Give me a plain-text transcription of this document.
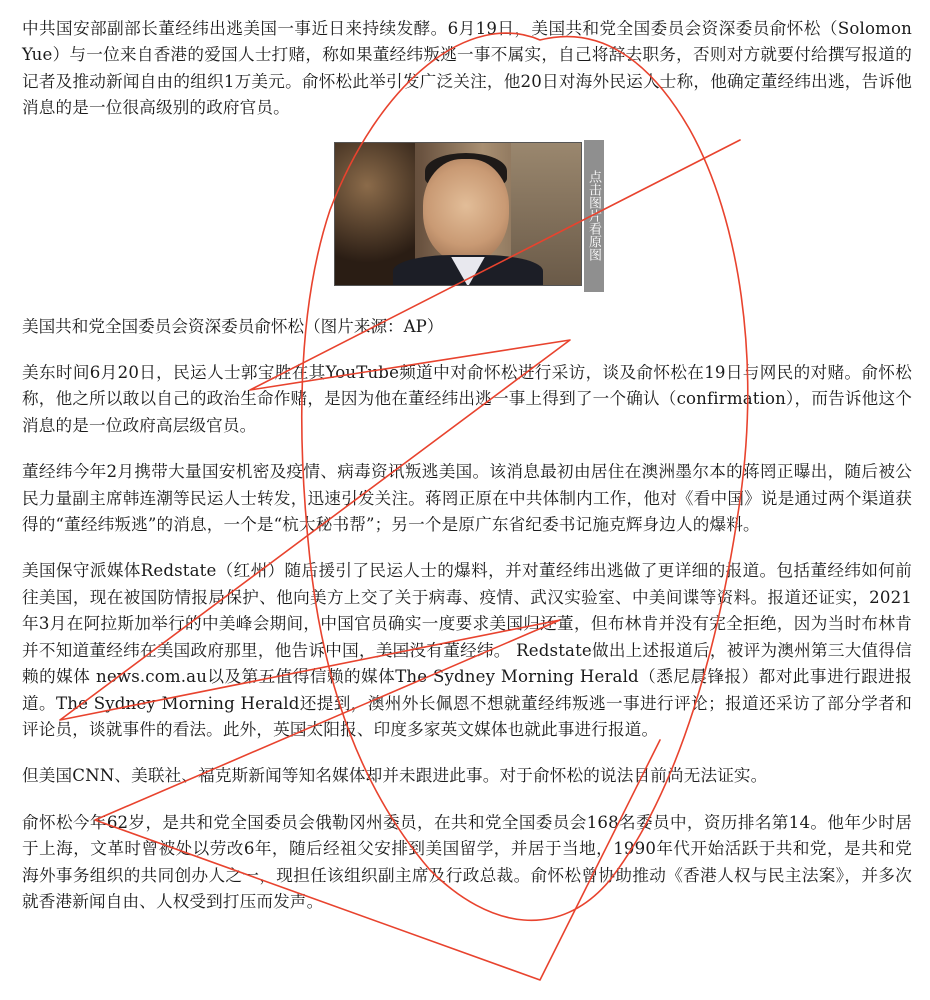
中共国安部副部长董经纬出逃美国一事近日来持续发酵。6月19日，美国共和党全国委员会资深委员俞怀松（Solomon Yue）与一位来自香港的爱国人士打赌，称如果董经纬叛逃一事不属实，自己将辞去职务，否则对方就要付给撰写报道的记者及推动新闻自由的组织1万美元。俞怀松此举引发广泛关注，他20日对海外民运人士称，他确定董经纬出逃，告诉他消息的是一位很高级别的政府官员。

点击图片看原图

美国共和党全国委员会资深委员俞怀松（图片来源：AP）

美东时间6月20日，民运人士郭宝胜在其YouTube频道中对俞怀松进行采访，谈及俞怀松在19日与网民的对赌。俞怀松称，他之所以敢以自己的政治生命作赌，是因为他在董经纬出逃一事上得到了一个确认（confirmation），而告诉他这个消息的是一位政府高层级官员。

董经纬今年2月携带大量国安机密及疫情、病毒资讯叛逃美国。该消息最初由居住在澳洲墨尔本的蒋罔正曝出，随后被公民力量副主席韩连潮等民运人士转发，迅速引发关注。蒋罔正原在中共体制内工作，他对《看中国》说是通过两个渠道获得的“董经纬叛逃”的消息，一个是“杭大秘书帮”；另一个是原广东省纪委书记施克辉身边人的爆料。

美国保守派媒体Redstate（红州）随后援引了民运人士的爆料，并对董经纬出逃做了更详细的报道。包括董经纬如何前往美国，现在被国防情报局保护、他向美方上交了关于病毒、疫情、武汉实验室、中美间谍等资料。报道还证实，2021年3月在阿拉斯加举行的中美峰会期间，中国官员确实一度要求美国归还董，但布林肯并没有完全拒绝，因为当时布林肯并不知道董经纬在美国政府那里，他告诉中国，美国没有董经纬。 Redstate做出上述报道后，被评为澳州第三大值得信赖的媒体 news.com.au以及第五值得信赖的媒体The Sydney Morning Herald（悉尼晨锋报）都对此事进行跟进报道。The Sydney Morning Herald还提到，澳州外长佩恩不想就董经纬叛逃一事进行评论；报道还采访了部分学者和评论员，谈就事件的看法。此外，英国太阳报、印度多家英文媒体也就此事进行报道。

但美国CNN、美联社、福克斯新闻等知名媒体却并未跟进此事。对于俞怀松的说法目前尚无法证实。

俞怀松今年62岁，是共和党全国委员会俄勒冈州委员，在共和党全国委员会168名委员中，资历排名第14。他年少时居于上海，文革时曾被处以劳改6年，随后经祖父安排到美国留学，并居于当地，1990年代开始活跃于共和党，是共和党海外事务组织的共同创办人之一，现担任该组织副主席及行政总裁。俞怀松曾协助推动《香港人权与民主法案》，并多次就香港新闻自由、人权受到打压而发声。
